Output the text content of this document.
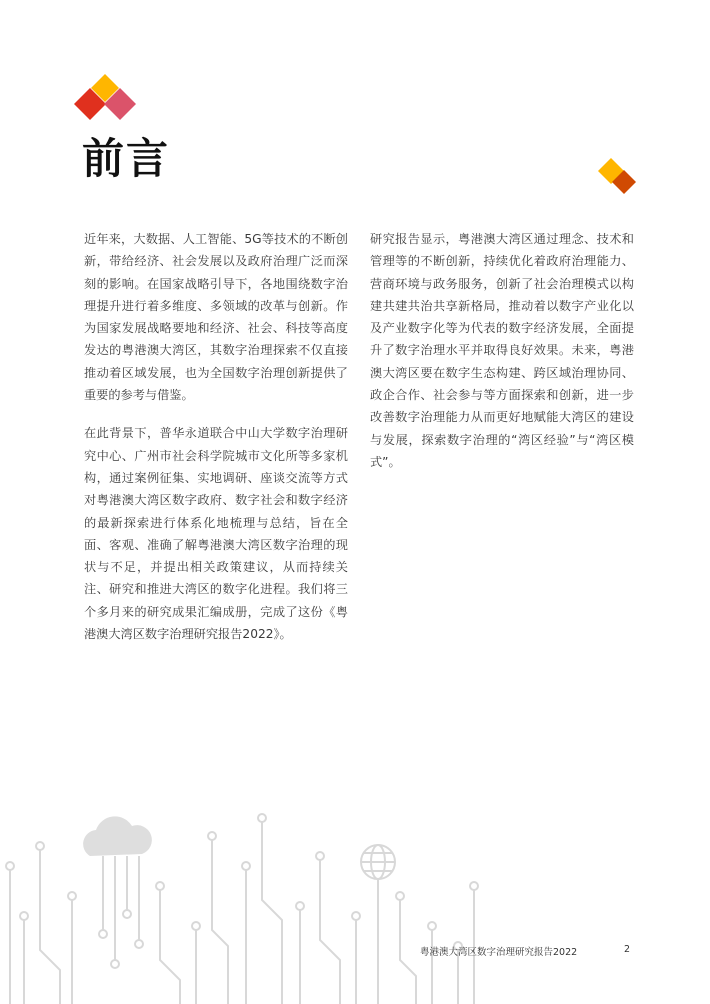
前言

近年来，大数据、人工智能、5G等技术的不断创新，带给经济、社会发展以及政府治理广泛而深刻的影响。在国家战略引导下，各地围绕数字治理提升进行着多维度、多领域的改革与创新。作为国家发展战略要地和经济、社会、科技等高度发达的粤港澳大湾区，其数字治理探索不仅直接推动着区域发展，也为全国数字治理创新提供了重要的参考与借鉴。

在此背景下，普华永道联合中山大学数字治理研究中心、广州市社会科学院城市文化所等多家机构，通过案例征集、实地调研、座谈交流等方式对粤港澳大湾区数字政府、数字社会和数字经济的最新探索进行体系化地梳理与总结，旨在全面、客观、准确了解粤港澳大湾区数字治理的现状与不足，并提出相关政策建议，从而持续关注、研究和推进大湾区的数字化进程。我们将三个多月来的研究成果汇编成册，完成了这份《粤港澳大湾区数字治理研究报告2022》。

研究报告显示，粤港澳大湾区通过理念、技术和管理等的不断创新，持续优化着政府治理能力、营商环境与政务服务，创新了社会治理模式以构建共建共治共享新格局，推动着以数字产业化以及产业数字化等为代表的数字经济发展，全面提升了数字治理水平并取得良好效果。未来，粤港澳大湾区要在数字生态构建、跨区域治理协同、政企合作、社会参与等方面探索和创新，进一步改善数字治理能力从而更好地赋能大湾区的建设与发展，探索数字治理的“湾区经验”与“湾区模式”。

粤港澳大湾区数字治理研究报告2022	2
